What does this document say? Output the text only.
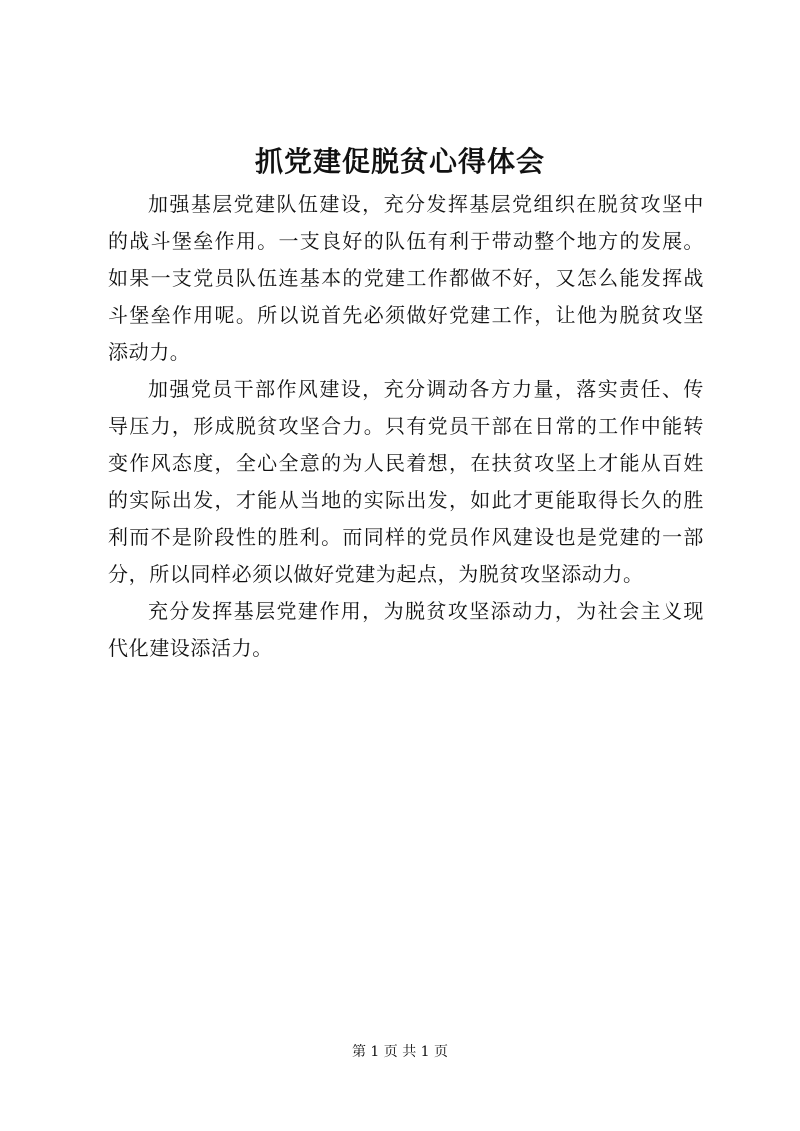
抓党建促脱贫心得体会

加强基层党建队伍建设，充分发挥基层党组织在脱贫攻坚中的战斗堡垒作用。一支良好的队伍有利于带动整个地方的发展。如果一支党员队伍连基本的党建工作都做不好，又怎么能发挥战斗堡垒作用呢。所以说首先必须做好党建工作，让他为脱贫攻坚添动力。

加强党员干部作风建设，充分调动各方力量，落实责任、传导压力，形成脱贫攻坚合力。只有党员干部在日常的工作中能转变作风态度，全心全意的为人民着想，在扶贫攻坚上才能从百姓的实际出发，才能从当地的实际出发，如此才更能取得长久的胜利而不是阶段性的胜利。而同样的党员作风建设也是党建的一部分，所以同样必须以做好党建为起点，为脱贫攻坚添动力。

充分发挥基层党建作用，为脱贫攻坚添动力，为社会主义现代化建设添活力。

第 1 页 共 1 页
